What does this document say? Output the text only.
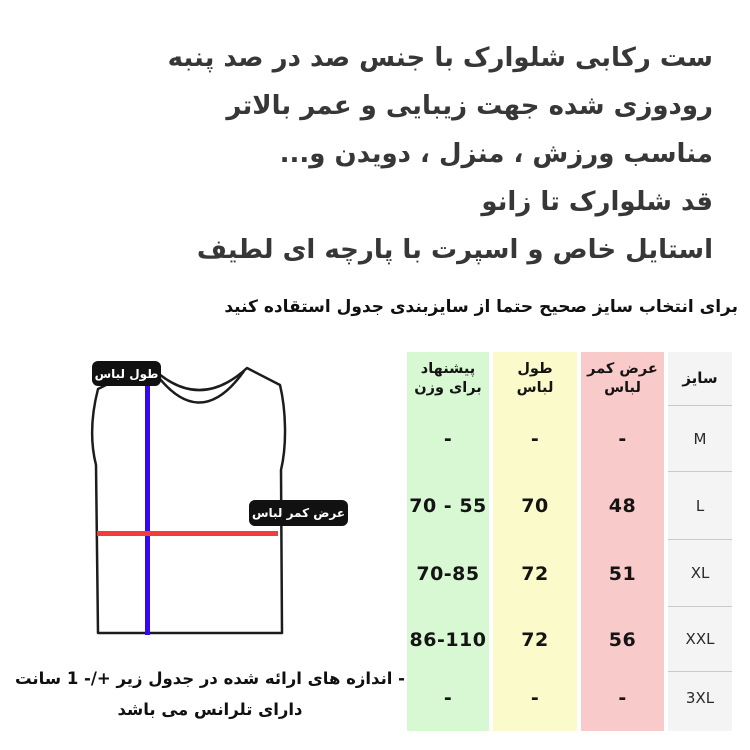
ست رکابی شلوارک با جنس صد در صد پنبه
رودوزی شده جهت زیبایی و عمر بالاتر
مناسب ورزش ، منزل ، دویدن و...
قد شلوارک تا زانو
استایل خاص و اسپرت با پارچه ای لطیف
برای انتخاب سایز صحیح حتما از سایزبندی جدول استقاده کنید
طول لباس
عرض کمر لباس
سایز
M
L
XL
XXL
3XL
عرض کمر لباس
-
48
51
56
-
طول لباس
-
70
72
72
-
پیشنهاد برای وزن
-
55 - 70
70-85
86-110
-
- اندازه های ارائه شده در جدول زیر +/- 1 سانت
دارای تلرانس می باشد
